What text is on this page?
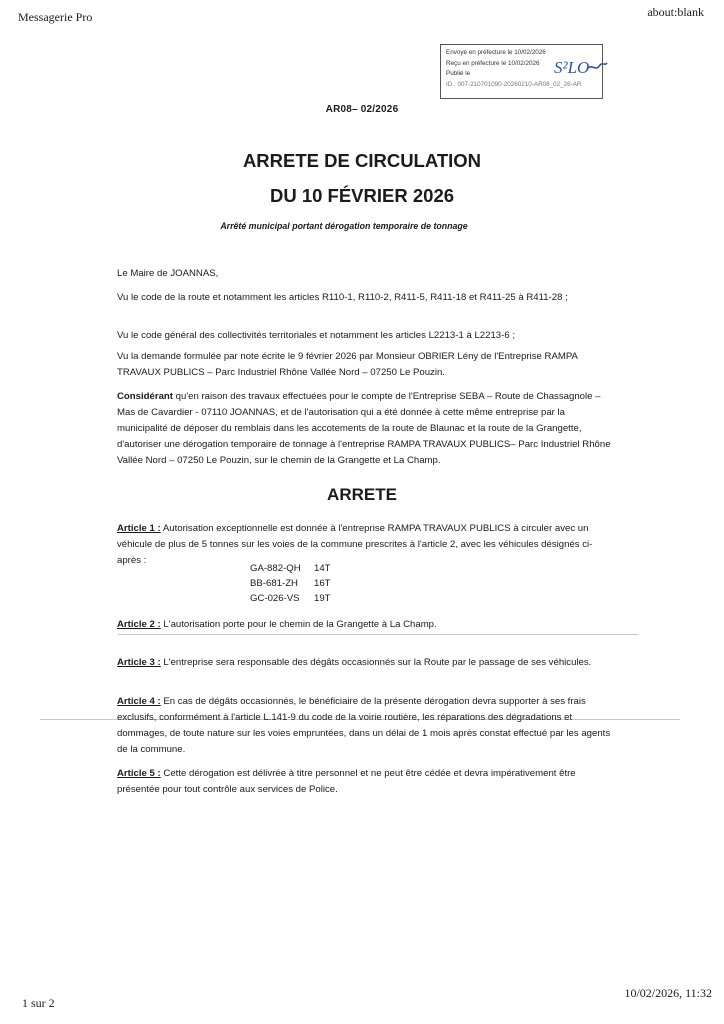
Messagerie Pro	about:blank
1 sur 2
10/02/2026, 11:32
Envoyé en préfecture le 10/02/2026
Reçu en préfecture le 10/02/2026
Publié le
ID : 007-210701090-20260210-AR08_02_26-AR
S²LO
AR08– 02/2026
ARRETE DE CIRCULATION
DU 10 FÉVRIER 2026
Arrêté municipal portant dérogation temporaire de tonnage

Le Maire de JOANNAS,

Vu le code de la route et notamment les articles R110-1, R110-2, R411-5, R411-18 et R411-25 à R411-28 ;

Vu le code général des collectivités territoriales et notamment les articles L2213-1 à L2213-6 ;

Vu la demande formulée par note écrite le 9 février 2026 par Monsieur OBRIER Lény de l'Entreprise RAMPA TRAVAUX PUBLICS – Parc Industriel Rhône Vallée Nord – 07250 Le Pouzin.

Considérant qu'en raison des travaux effectuées pour le compte de l'Entreprise SEBA – Route de Chassagnole – Mas de Cavardier - 07110 JOANNAS, et de l'autorisation qui a été donnée à cette même entreprise par la municipalité de déposer du remblais dans les accotements de la route de Blaunac et la route de la Grangette, d'autoriser une dérogation temporaire de tonnage à l'entreprise RAMPA TRAVAUX PUBLICS– Parc Industriel Rhône Vallée Nord – 07250 Le Pouzin, sur le chemin de la Grangette et La Champ.

ARRETE

Article 1 : Autorisation exceptionnelle est donnée à l'entreprise RAMPA TRAVAUX PUBLICS à circuler avec un véhicule de plus de 5 tonnes sur les voies de la commune prescrites à l'article 2, avec les véhicules désignés ci-après :

GA-882-QH 14T
BB-681-ZH 16T
GC-026-VS 19T

Article 2 : L'autorisation porte pour le chemin de la Grangette à La Champ.

Article 3 : L'entreprise sera responsable des dégâts occasionnés sur la Route par le passage de ses véhicules.

Article 4 : En cas de dégâts occasionnés, le bénéficiaire de la présente dérogation devra supporter à ses frais exclusifs, conformément à l'article L.141-9 du code de la voirie routière, les réparations des dégradations et dommages, de toute nature sur les voies empruntées, dans un délai de 1 mois après constat effectué par les agents de la commune.

Article 5 : Cette dérogation est délivrée à titre personnel et ne peut être cédée et devra impérativement être présentée pour tout contrôle aux services de Police.
